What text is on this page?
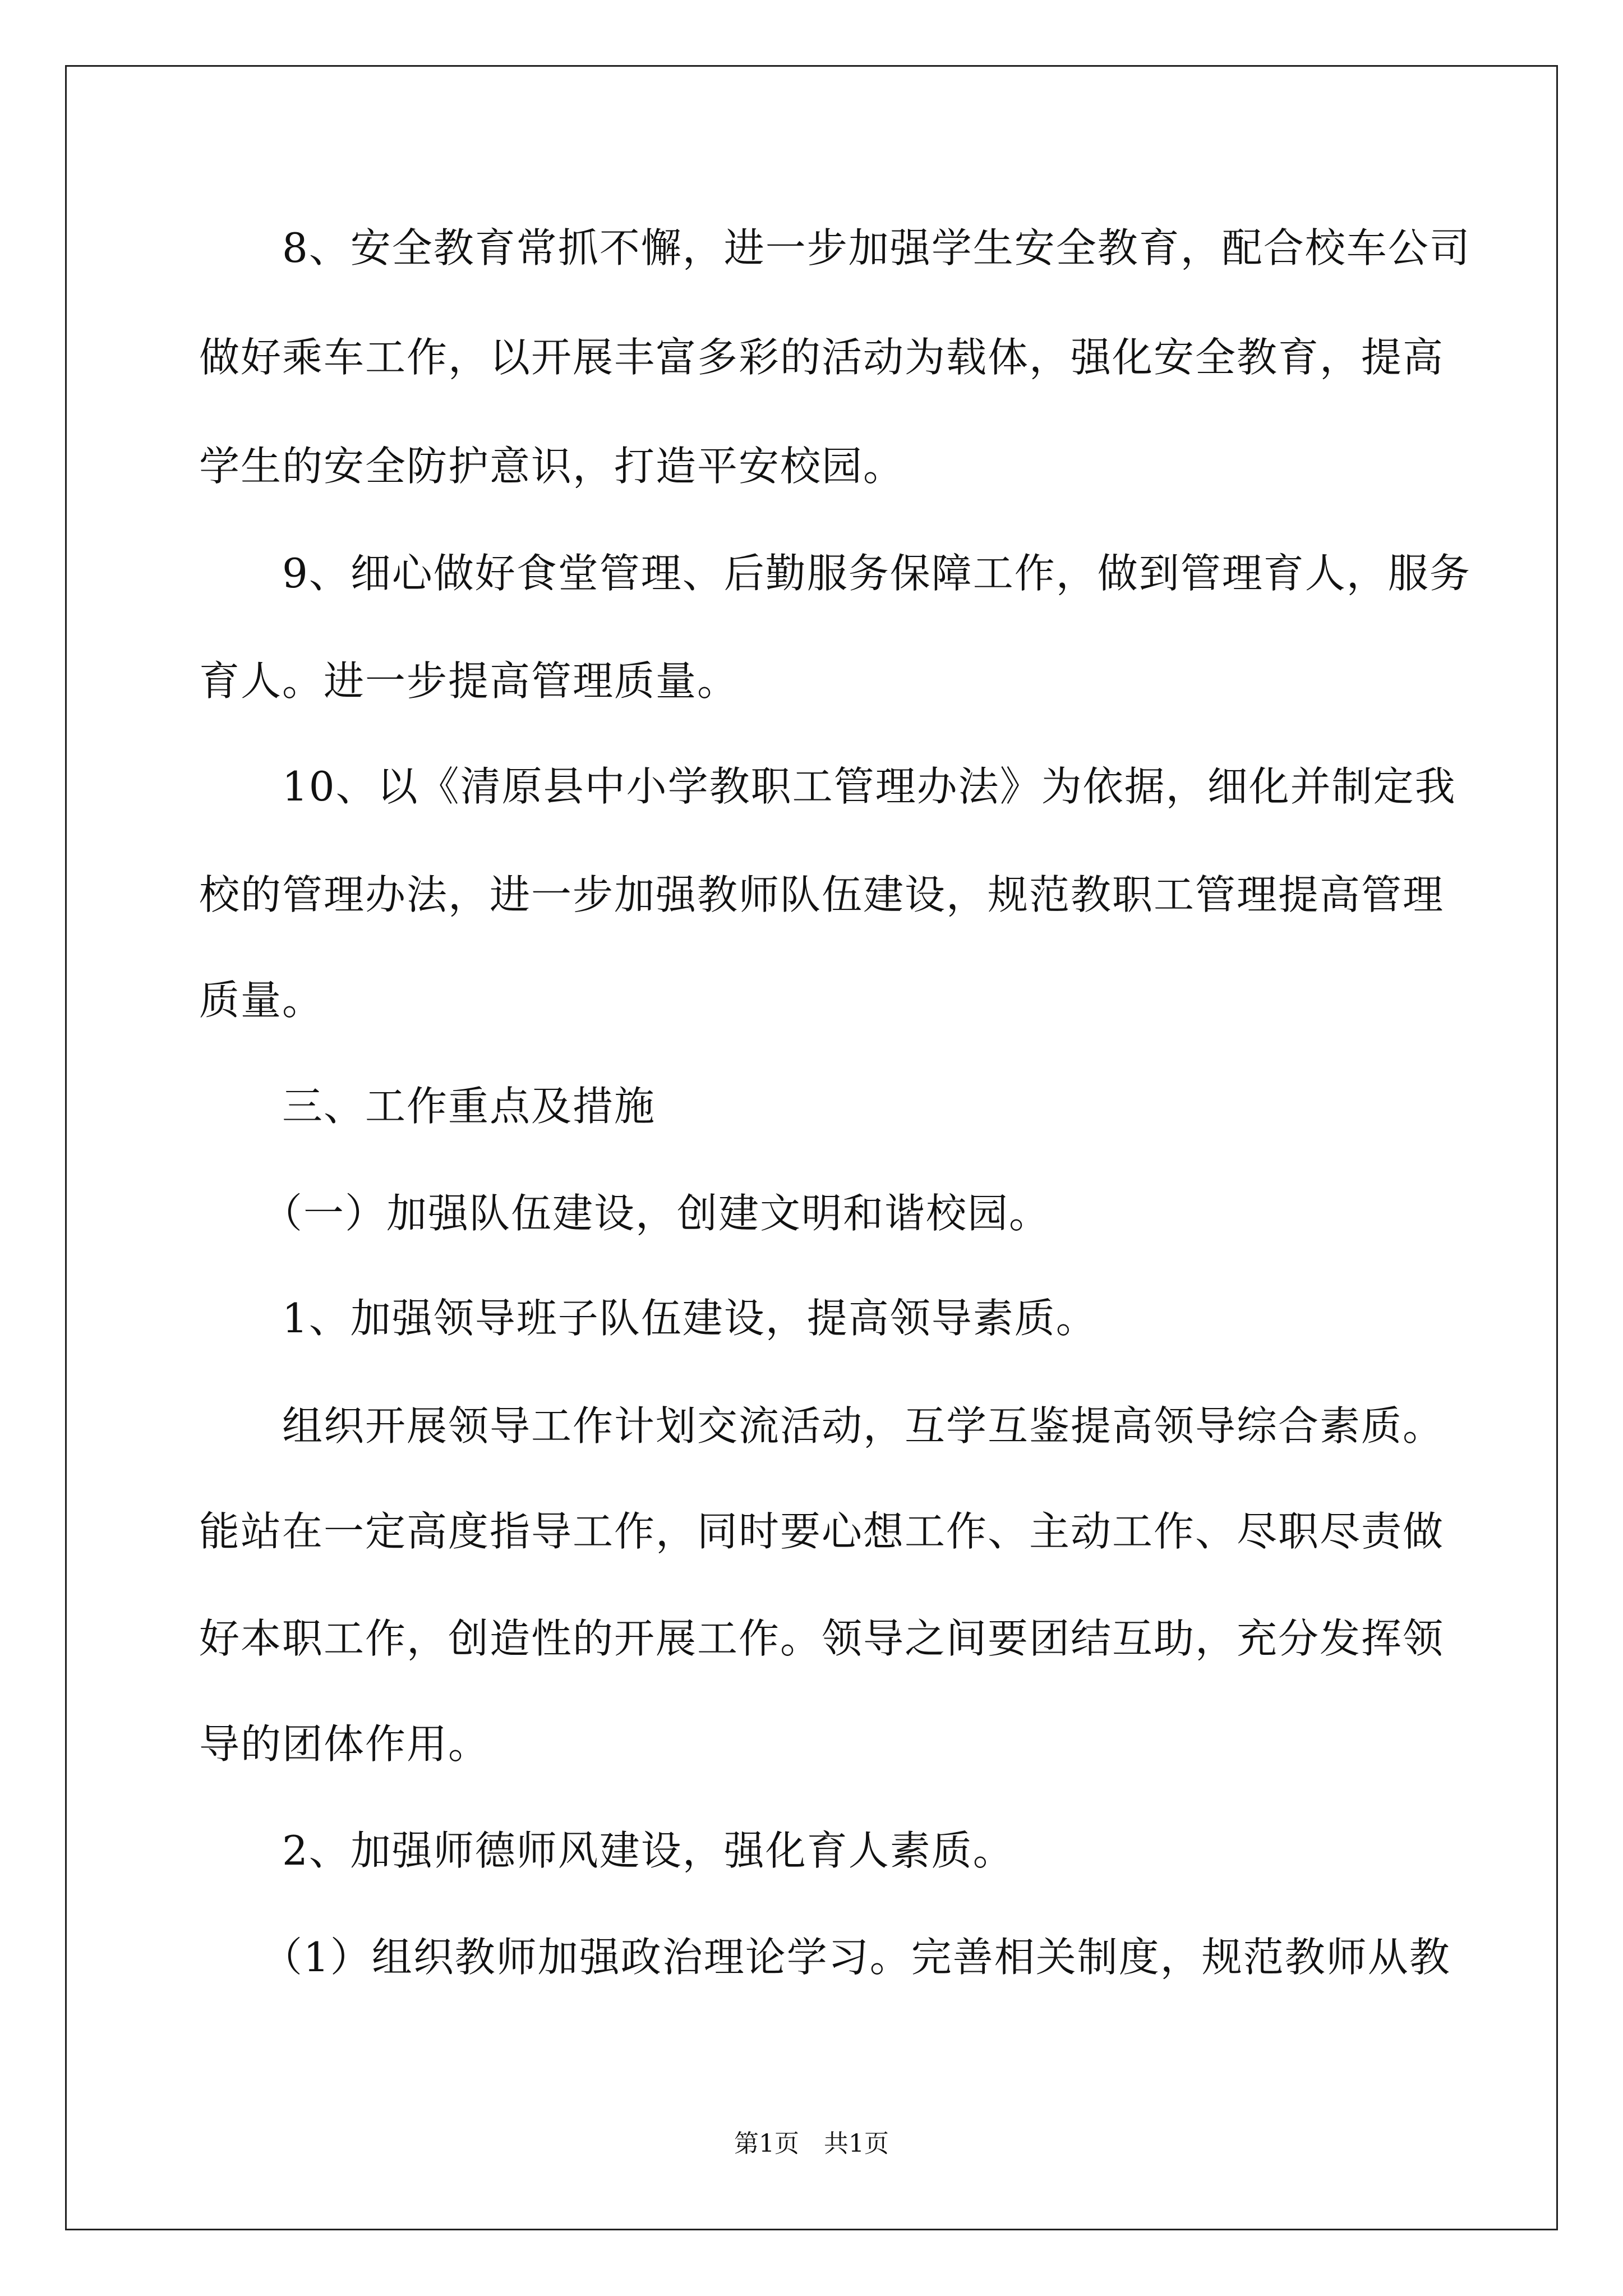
　　8、安全教育常抓不懈，进一步加强学生安全教育，配合校车公司
做好乘车工作，以开展丰富多彩的活动为载体，强化安全教育，提高
学生的安全防护意识，打造平安校园。
　　9、细心做好食堂管理、后勤服务保障工作，做到管理育人，服务
育人。进一步提高管理质量。
　　10、以《清原县中小学教职工管理办法》为依据，细化并制定我
校的管理办法，进一步加强教师队伍建设，规范教职工管理提高管理
质量。
　　三、工作重点及措施
　　（一）加强队伍建设，创建文明和谐校园。
　　1、加强领导班子队伍建设，提高领导素质。
　　组织开展领导工作计划交流活动，互学互鉴提高领导综合素质。
能站在一定高度指导工作，同时要心想工作、主动工作、尽职尽责做
好本职工作，创造性的开展工作。领导之间要团结互助，充分发挥领
导的团体作用。
　　2、加强师德师风建设，强化育人素质。
　　（1）组织教师加强政治理论学习。完善相关制度，规范教师从教
第1页　共1页
